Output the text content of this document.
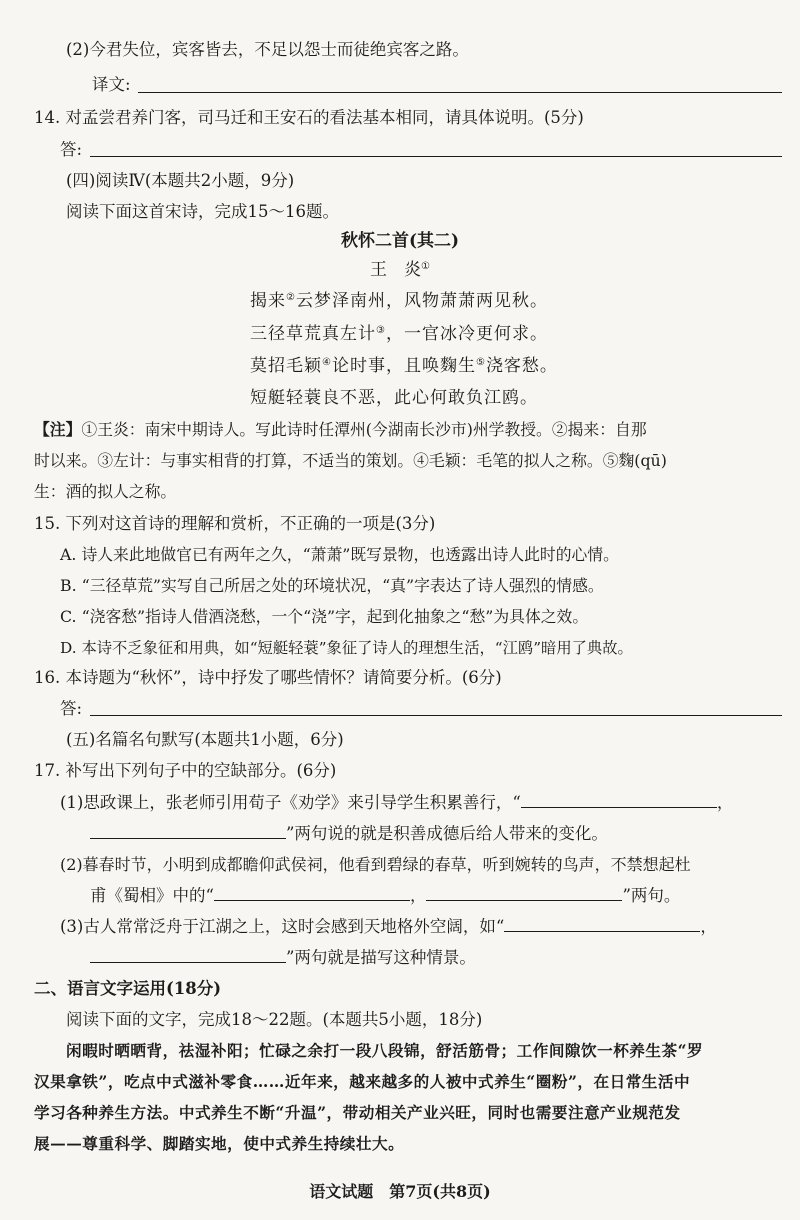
(2)今君失位，宾客皆去，不足以怨士而徒绝宾客之路。
译文:
14. 对孟尝君养门客，司马迁和王安石的看法基本相同，请具体说明。(5分)
答:
(四)阅读Ⅳ(本题共2小题，9分)
阅读下面这首宋诗，完成15～16题。
秋怀二首(其二)
王　炎①
揭来②云梦泽南州，风物萧萧两见秋。
三径草荒真左计③，一官冰冷更何求。
莫招毛颖④论时事，且唤麴生⑤浇客愁。
短艇轻蓑良不恶，此心何敢负江鸥。
【注】①王炎：南宋中期诗人。写此诗时任潭州(今湖南长沙市)州学教授。②揭来：自那
时以来。③左计：与事实相背的打算，不适当的策划。④毛颖：毛笔的拟人之称。⑤麴(qū)
生：酒的拟人之称。
15. 下列对这首诗的理解和赏析，不正确的一项是(3分)
A. 诗人来此地做官已有两年之久，“萧萧”既写景物，也透露出诗人此时的心情。
B. “三径草荒”实写自己所居之处的环境状况，“真”字表达了诗人强烈的情感。
C. “浇客愁”指诗人借酒浇愁，一个“浇”字，起到化抽象之“愁”为具体之效。
D. 本诗不乏象征和用典，如“短艇轻蓑”象征了诗人的理想生活，“江鸥”暗用了典故。
16. 本诗题为“秋怀”，诗中抒发了哪些情怀？请简要分析。(6分)
答:
(五)名篇名句默写(本题共1小题，6分)
17. 补写出下列句子中的空缺部分。(6分)
(1)思政课上，张老师引用荀子《劝学》来引导学生积累善行，“	，
”两句说的就是积善成德后给人带来的变化。
(2)暮春时节，小明到成都瞻仰武侯祠，他看到碧绿的春草，听到婉转的鸟声，不禁想起杜
甫《蜀相》中的“	，	”两句。
(3)古人常常泛舟于江湖之上，这时会感到天地格外空阔，如“	，
”两句就是描写这种情景。
二、语言文字运用(18分)
阅读下面的文字，完成18～22题。(本题共5小题，18分)
闲暇时晒晒背，祛湿补阳；忙碌之余打一段八段锦，舒活筋骨；工作间隙饮一杯养生茶“罗
汉果拿铁”，吃点中式滋补零食……近年来，越来越多的人被中式养生“圈粉”，在日常生活中
学习各种养生方法。中式养生不断“升温”，带动相关产业兴旺，同时也需要注意产业规范发
展——尊重科学、脚踏实地，使中式养生持续壮大。
语文试题　第7页(共8页)
